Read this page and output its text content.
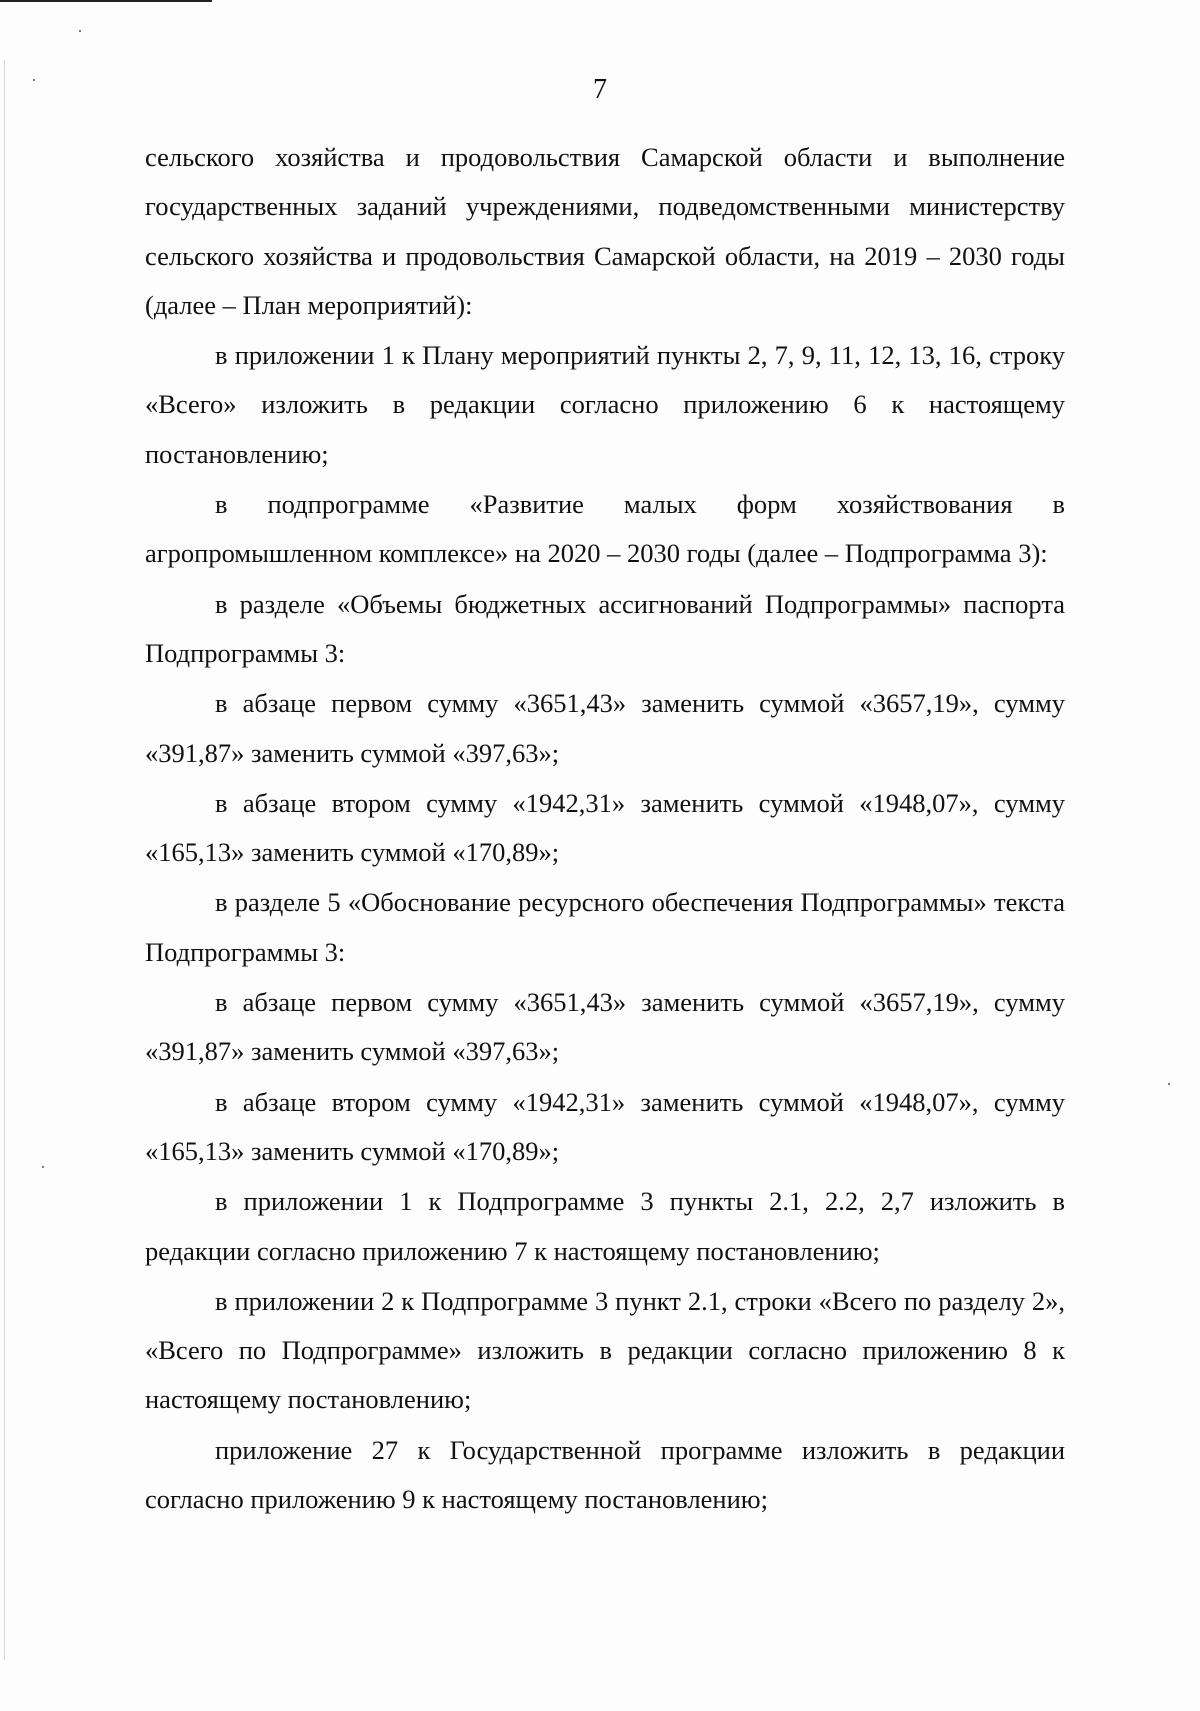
7

сельского хозяйства и продовольствия Самарской области и выполнение государственных заданий учреждениями, подведомственными министерству сельского хозяйства и продовольствия Самарской области, на 2019 – 2030 годы (далее – План мероприятий):

в приложении 1 к Плану мероприятий пункты 2, 7, 9, 11, 12, 13, 16, строку «Всего» изложить в редакции согласно приложению 6 к настоящему постановлению;

в подпрограмме «Развитие малых форм хозяйствования в агропромышленном комплексе» на 2020 – 2030 годы (далее – Подпрограмма 3):

в разделе «Объемы бюджетных ассигнований Подпрограммы» паспорта Подпрограммы 3:

в абзаце первом сумму «3651,43» заменить суммой «3657,19», сумму «391,87» заменить суммой «397,63»;

в абзаце втором сумму «1942,31» заменить суммой «1948,07», сумму «165,13» заменить суммой «170,89»;

в разделе 5 «Обоснование ресурсного обеспечения Подпрограммы» текста Подпрограммы 3:

в абзаце первом сумму «3651,43» заменить суммой «3657,19», сумму «391,87» заменить суммой «397,63»;

в абзаце втором сумму «1942,31» заменить суммой «1948,07», сумму «165,13» заменить суммой «170,89»;

в приложении 1 к Подпрограмме 3 пункты 2.1, 2.2, 2,7 изложить в редакции согласно приложению 7 к настоящему постановлению;

в приложении 2 к Подпрограмме 3 пункт 2.1, строки «Всего по разделу 2», «Всего по Подпрограмме» изложить в редакции согласно приложению 8 к настоящему постановлению;

приложение 27 к Государственной программе изложить в редакции согласно приложению 9 к настоящему постановлению;
